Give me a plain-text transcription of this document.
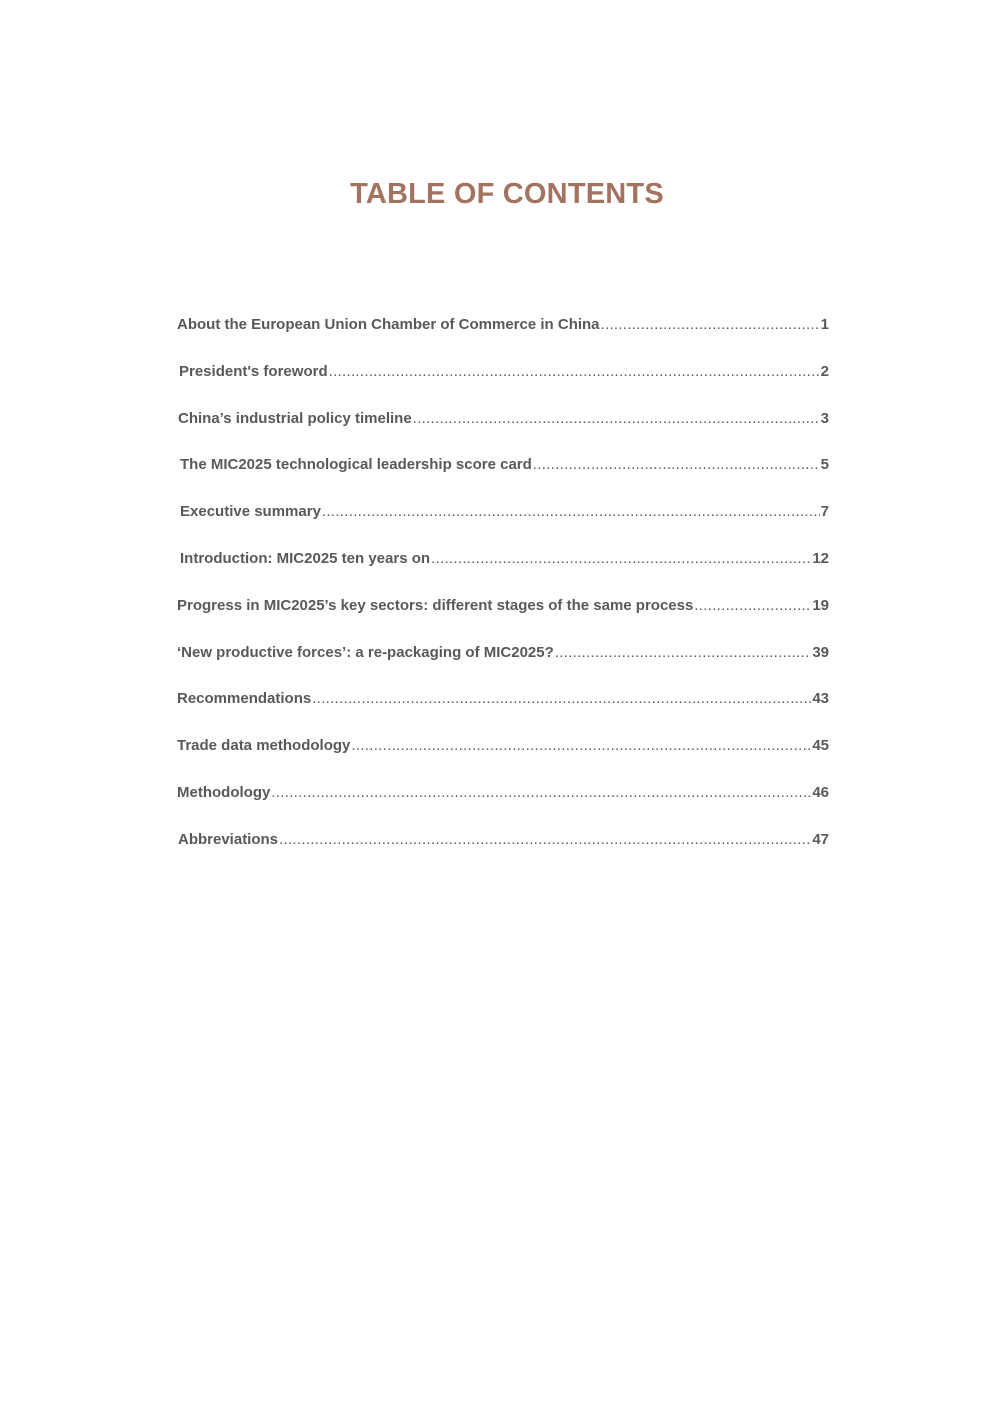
TABLE OF CONTENTS
About the European Union Chamber of Commerce in China .....	1
President's foreword .....	2
China’s industrial policy timeline .....	3
The MIC2025 technological leadership score card .....	5
Executive summary .....	7
Introduction: MIC2025 ten years on .....	12
Progress in MIC2025’s key sectors: different stages of the same process .....	19
‘New productive forces’: a re-packaging of MIC2025? .....	39
Recommendations .....	43
Trade data methodology .....	45
Methodology .....	46
Abbreviations .....	47
